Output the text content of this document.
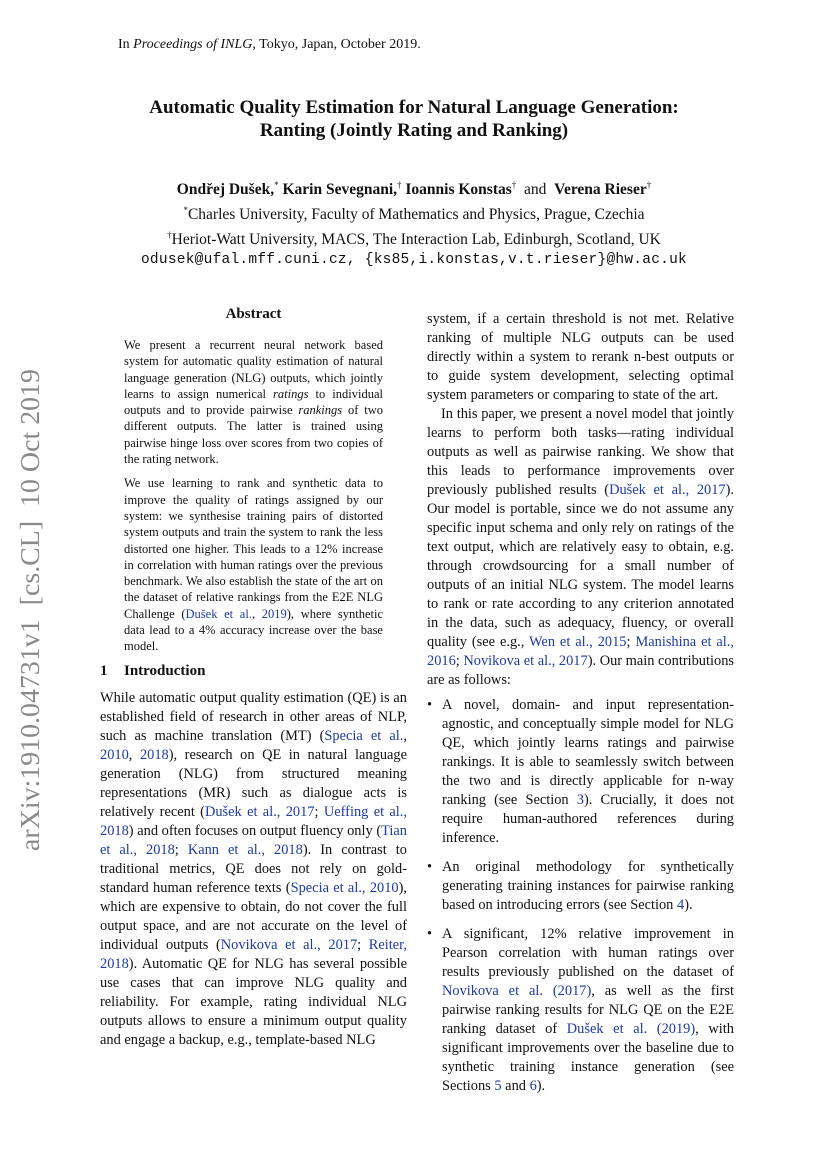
In Proceedings of INLG, Tokyo, Japan, October 2019.
arXiv:1910.04731v1  [cs.CL]  10 Oct 2019
Automatic Quality Estimation for Natural Language Generation:
Ranting (Jointly Rating and Ranking)
Ondřej Dušek,* Karin Sevegnani,† Ioannis Konstas† and Verena Rieser†
*Charles University, Faculty of Mathematics and Physics, Prague, Czechia
†Heriot-Watt University, MACS, The Interaction Lab, Edinburgh, Scotland, UK
odusek@ufal.mff.cuni.cz, {ks85,i.konstas,v.t.rieser}@hw.ac.uk
Abstract

We present a recurrent neural network based system for automatic quality estimation of natural language generation (NLG) outputs, which jointly learns to assign numerical ratings to individual outputs and to provide pairwise rankings of two different outputs. The latter is trained using pairwise hinge loss over scores from two copies of the rating network.

We use learning to rank and synthetic data to improve the quality of ratings assigned by our system: we synthesise training pairs of distorted system outputs and train the system to rank the less distorted one higher. This leads to a 12% increase in correlation with human ratings over the previous benchmark. We also establish the state of the art on the dataset of relative rankings from the E2E NLG Challenge (Dušek et al., 2019), where synthetic data lead to a 4% accuracy increase over the base model.

1 Introduction

While automatic output quality estimation (QE) is an established field of research in other areas of NLP, such as machine translation (MT) (Specia et al., 2010, 2018), research on QE in natural language generation (NLG) from structured meaning representations (MR) such as dialogue acts is relatively recent (Dušek et al., 2017; Ueffing et al., 2018) and often focuses on output fluency only (Tian et al., 2018; Kann et al., 2018). In contrast to traditional metrics, QE does not rely on gold-standard human reference texts (Specia et al., 2010), which are expensive to obtain, do not cover the full output space, and are not accurate on the level of individual outputs (Novikova et al., 2017; Reiter, 2018). Automatic QE for NLG has several possible use cases that can improve NLG quality and reliability. For example, rating individual NLG outputs allows to ensure a minimum output quality and engage a backup, e.g., template-based NLG

system, if a certain threshold is not met. Relative ranking of multiple NLG outputs can be used directly within a system to rerank n-best outputs or to guide system development, selecting optimal system parameters or comparing to state of the art.

In this paper, we present a novel model that jointly learns to perform both tasks—rating individual outputs as well as pairwise ranking. We show that this leads to performance improvements over previously published results (Dušek et al., 2017). Our model is portable, since we do not assume any specific input schema and only rely on ratings of the text output, which are relatively easy to obtain, e.g. through crowdsourcing for a small number of outputs of an initial NLG system. The model learns to rank or rate according to any criterion annotated in the data, such as adequacy, fluency, or overall quality (see e.g., Wen et al., 2015; Manishina et al., 2016; Novikova et al., 2017). Our main contributions are as follows:

• A novel, domain- and input representation-agnostic, and conceptually simple model for NLG QE, which jointly learns ratings and pairwise rankings. It is able to seamlessly switch between the two and is directly applicable for n-way ranking (see Section 3). Crucially, it does not require human-authored references during inference.
• An original methodology for synthetically generating training instances for pairwise ranking based on introducing errors (see Section 4).
• A significant, 12% relative improvement in Pearson correlation with human ratings over results previously published on the dataset of Novikova et al. (2017), as well as the first pairwise ranking results for NLG QE on the E2E ranking dataset of Dušek et al. (2019), with significant improvements over the baseline due to synthetic training instance generation (see Sections 5 and 6).
